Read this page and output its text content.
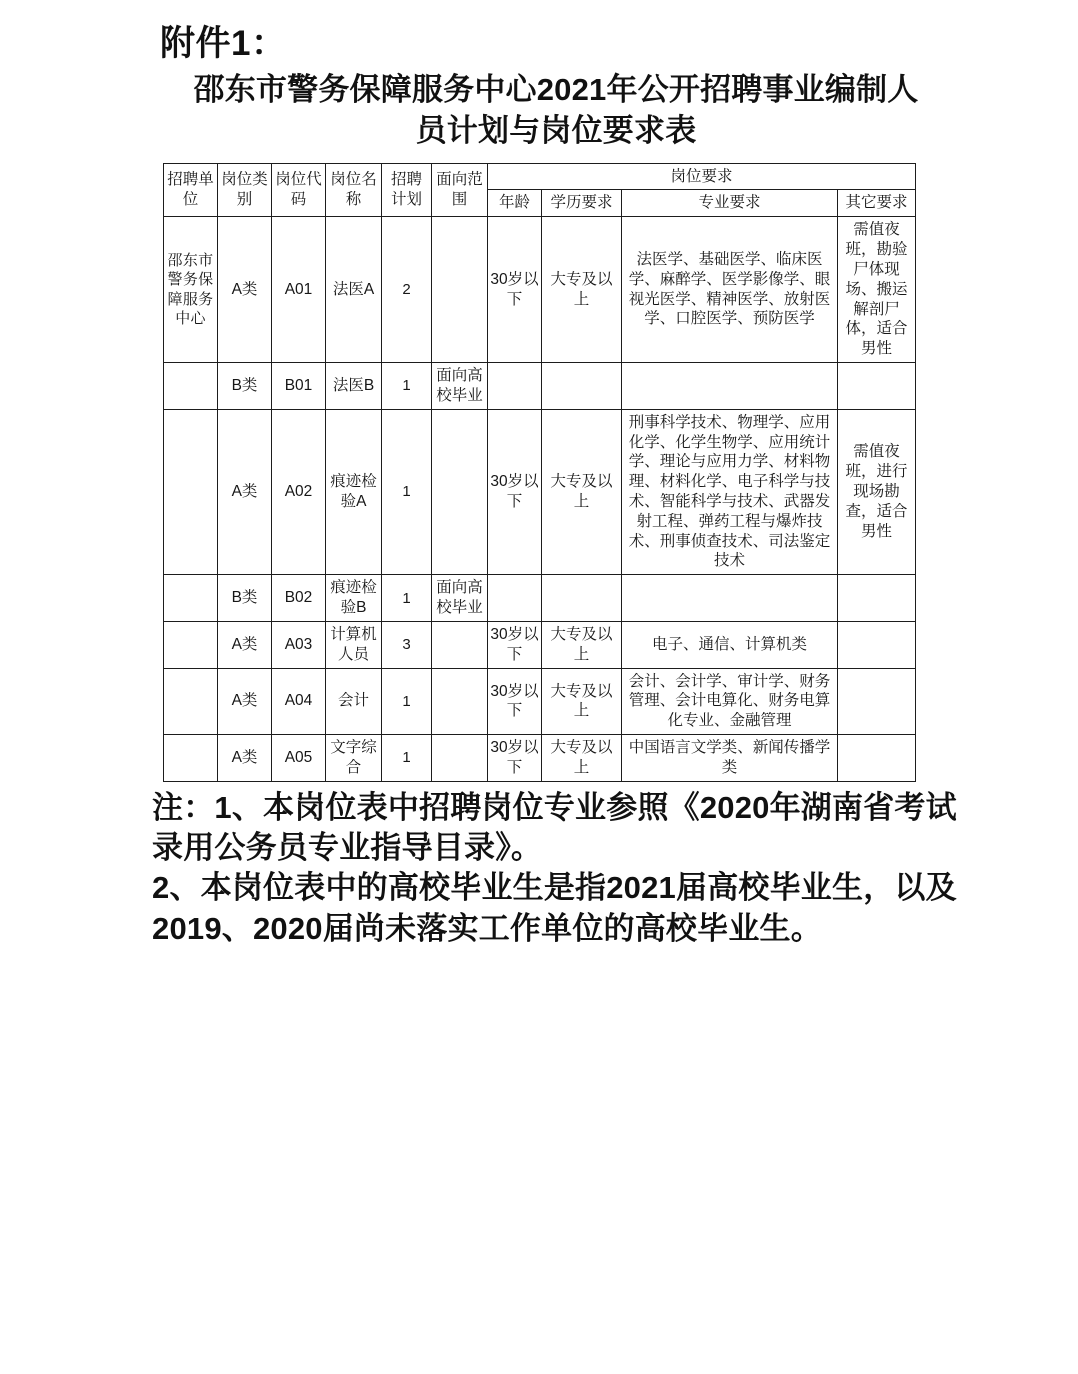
附件1：
邵东市警务保障服务中心2021年公开招聘事业编制人员计划与岗位要求表
招聘单位	岗位类别	岗位代码	岗位名称	招聘计划	面向范围	岗位要求			
						年龄	学历要求	专业要求	其它要求
邵东市警务保障服务中心	A类	A01	法医A	2		30岁以下	大专及以上	法医学、基础医学、临床医学、麻醉学、医学影像学、眼视光医学、精神医学、放射医学、口腔医学、预防医学	需值夜班，勘验尸体现场、搬运解剖尸体，适合男性
	B类	B01	法医B	1	面向高校毕业				
	A类	A02	痕迹检验A	1		30岁以下	大专及以上	刑事科学技术、物理学、应用化学、化学生物学、应用统计学、理论与应用力学、材料物理、材料化学、电子科学与技术、智能科学与技术、武器发射工程、弹药工程与爆炸技术、刑事侦查技术、司法鉴定技术	需值夜班，进行现场勘查，适合男性
	B类	B02	痕迹检验B	1	面向高校毕业				
	A类	A03	计算机人员	3		30岁以下	大专及以上	电子、通信、计算机类	
	A类	A04	会计	1		30岁以下	大专及以上	会计、会计学、审计学、财务管理、会计电算化、财务电算化专业、金融管理	
	A类	A05	文字综合	1		30岁以下	大专及以上	中国语言文学类、新闻传播学类	
注：1、本岗位表中招聘岗位专业参照《2020年湖南省考试录用公务员专业指导目录》。
2、本岗位表中的高校毕业生是指2021届高校毕业生，以及2019、2020届尚未落实工作单位的高校毕业生。
